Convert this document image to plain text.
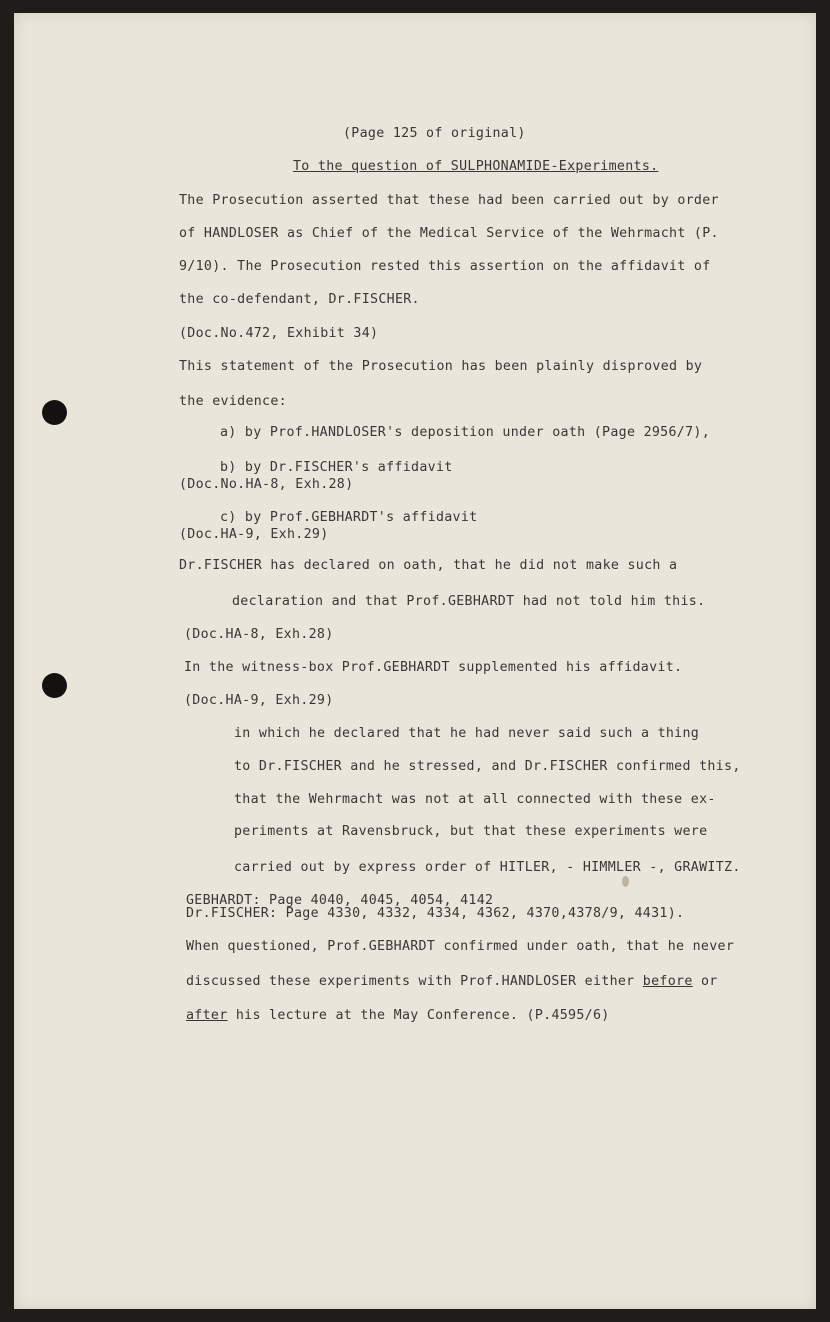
(Page 125 of original)
To the question of SULPHONAMIDE-Experiments.
The Prosecution asserted that these had been carried out by order
of HANDLOSER as Chief of the Medical Service of the Wehrmacht (P.
9/10). The Prosecution rested this assertion on the affidavit of
the co-defendant, Dr.FISCHER.
(Doc.No.472, Exhibit 34)
This statement of the Prosecution has been plainly disproved by
the evidence:
a) by Prof.HANDLOSER's deposition under oath (Page 2956/7),
b) by Dr.FISCHER's affidavit
(Doc.No.HA-8, Exh.28)
c) by Prof.GEBHARDT's affidavit
(Doc.HA-9, Exh.29)
Dr.FISCHER has declared on oath, that he did not make such a
declaration and that Prof.GEBHARDT had not told him this.
(Doc.HA-8, Exh.28)
In the witness-box Prof.GEBHARDT supplemented his affidavit.
(Doc.HA-9, Exh.29)
in which he declared that he had never said such a thing
to Dr.FISCHER and he stressed, and Dr.FISCHER confirmed this,
that the Wehrmacht was not at all connected with these ex-
periments at Ravensbruck, but that these experiments were
carried out by express order of HITLER, - HIMMLER -, GRAWITZ.
GEBHARDT: Page 4040, 4045, 4054, 4142
Dr.FISCHER: Page 4330, 4332, 4334, 4362, 4370,4378/9, 4431).
When questioned, Prof.GEBHARDT confirmed under oath, that he never
discussed these experiments with Prof.HANDLOSER either before or
after his lecture at the May Conference. (P.4595/6)
